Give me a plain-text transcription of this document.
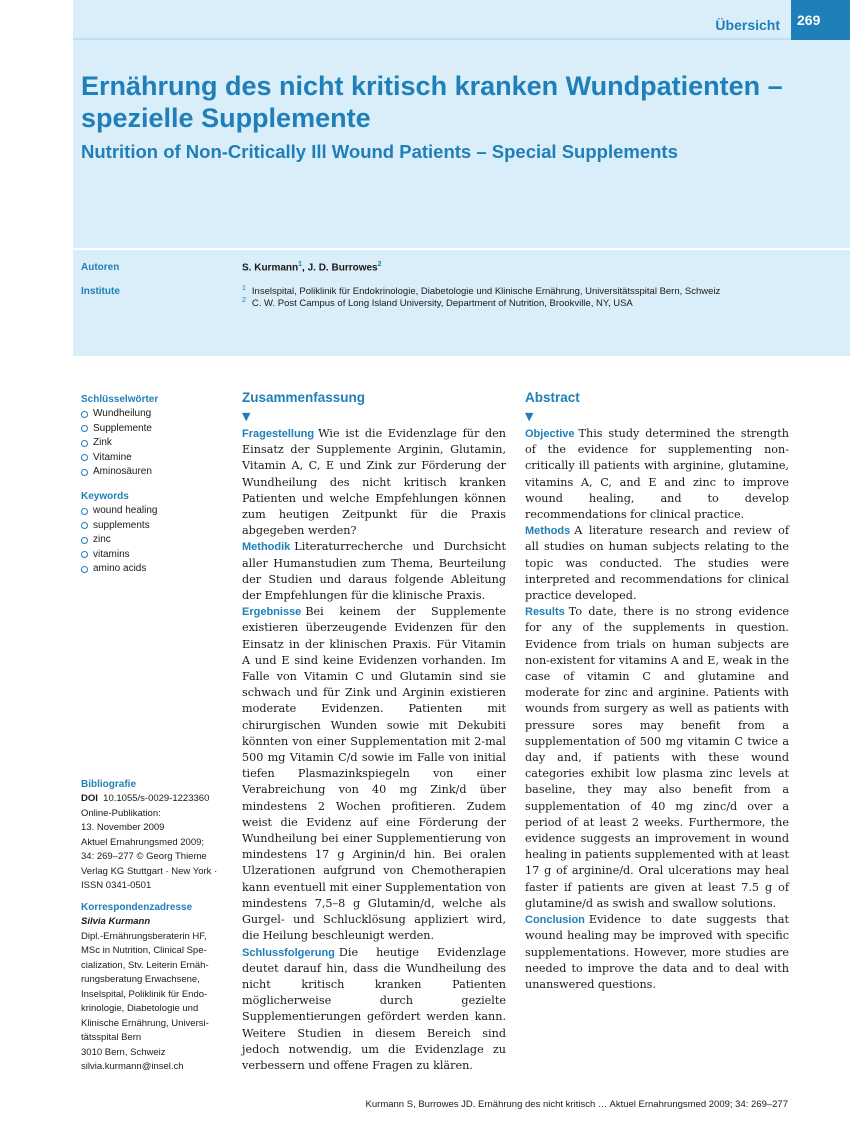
Übersicht	269
Ernährung des nicht kritisch kranken Wundpatienten – spezielle Supplemente
Nutrition of Non-Critically Ill Wound Patients – Special Supplements
Autoren	S. Kurmann$^1$, J. D. Burrowes$^2$
Institute	$^1$ Inselspital, Poliklinik für Endokrinologie, Diabetologie und Klinische Ernährung, Universitätsspital Bern, Schweiz
$^2$ C. W. Post Campus of Long Island University, Department of Nutrition, Brookville, NY, USA
Schlüsselwörter
Wundheilung
Supplemente
Zink
Vitamine
Aminosäuren
Keywords
wound healing
supplements
zinc
vitamins
amino acids
Bibliografie
DOI 10.1055/s-0029-1223360
Online-Publikation:
13. November 2009
Aktuel Ernahrungsmed 2009;
34: 269–277 © Georg Thieme
Verlag KG Stuttgart · New York ·
ISSN 0341-0501
Korrespondenzadresse
Silvia Kurmann
Dipl.-Ernährungsberaterin HF,
MSc in Nutrition, Clinical Spe-
cialization, Stv. Leiterin Ernäh-
rungsberatung Erwachsene,
Inselspital, Poliklinik für Endo-
krinologie, Diabetologie und
Klinische Ernährung, Universi-
tätsspital Bern
3010 Bern, Schweiz
silvia.kurmann@insel.ch
Zusammenfassung
▼

Fragestellung Wie ist die Evidenzlage für den Einsatz der Supplemente Arginin, Glutamin, Vitamin A, C, E und Zink zur Förderung der Wundheilung des nicht kritisch kranken Patienten und welche Empfehlungen können zum heutigen Zeitpunkt für die Praxis abgegeben werden?

Methodik Literaturrecherche und Durchsicht aller Humanstudien zum Thema, Beurteilung der Studien und daraus folgende Ableitung der Empfehlungen für die klinische Praxis.

Ergebnisse Bei keinem der Supplemente existieren überzeugende Evidenzen für den Einsatz in der klinischen Praxis. Für Vitamin A und E sind keine Evidenzen vorhanden. Im Falle von Vitamin C und Glutamin sind sie schwach und für Zink und Arginin existieren moderate Evidenzen. Patienten mit chirurgischen Wunden sowie mit Dekubiti könnten von einer Supplementation mit 2-mal 500 mg Vitamin C/d sowie im Falle von initial tiefen Plasmazinkspiegeln von einer Verabreichung von 40 mg Zink/d über mindestens 2 Wochen profitieren. Zudem weist die Evidenz auf eine Förderung der Wundheilung bei einer Supplementierung von mindestens 17 g Arginin/d hin. Bei oralen Ulzerationen aufgrund von Chemotherapien kann eventuell mit einer Supplementation von mindestens 7,5–8 g Glutamin/d, welche als Gurgel- und Schlucklösung appliziert wird, die Heilung beschleunigt werden.

Schlussfolgerung Die heutige Evidenzlage deutet darauf hin, dass die Wundheilung des nicht kritisch kranken Patienten möglicherweise durch gezielte Supplementierungen gefördert werden kann. Weitere Studien in diesem Bereich sind jedoch notwendig, um die Evidenzlage zu verbessern und offene Fragen zu klären.

Abstract
▼

Objective This study determined the strength of the evidence for supplementing non-critically ill patients with arginine, glutamine, vitamins A, C, and E and zinc to improve wound healing, and to develop recommendations for clinical practice.

Methods A literature research and review of all studies on human subjects relating to the topic was conducted. The studies were interpreted and recommendations for clinical practice developed.

Results To date, there is no strong evidence for any of the supplements in question. Evidence from trials on human subjects are non-existent for vitamins A and E, weak in the case of vitamin C and glutamine and moderate for zinc and arginine. Patients with wounds from surgery as well as patients with pressure sores may benefit from a supplementation of 500 mg vitamin C twice a day and, if patients with these wound categories exhibit low plasma zinc levels at baseline, they may also benefit from a supplementation of 40 mg zinc/d over a period of at least 2 weeks. Furthermore, the evidence suggests an improvement in wound healing in patients supplemented with at least 17 g of arginine/d. Oral ulcerations may heal faster if patients are given at least 7.5 g of glutamine/d as swish and swallow solutions.

Conclusion Evidence to date suggests that wound healing may be improved with specific supplementations. However, more studies are needed to improve the data and to deal with unanswered questions.

Kurmann S, Burrowes JD. Ernährung des nicht kritisch … Aktuel Ernahrungsmed 2009; 34: 269–277
